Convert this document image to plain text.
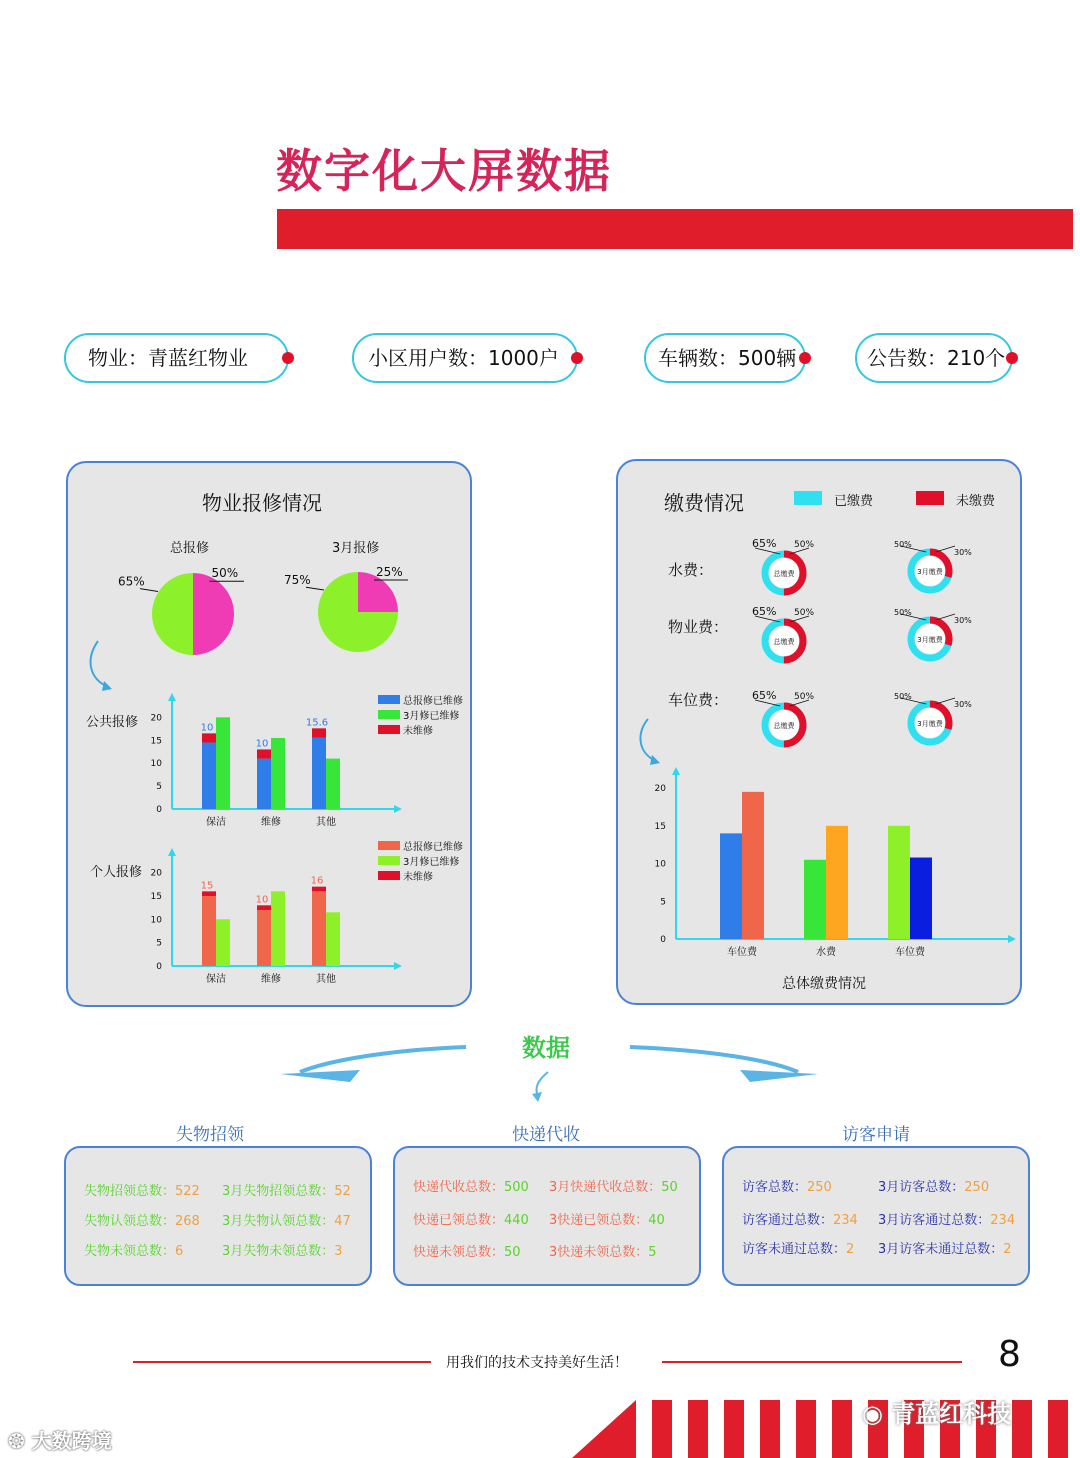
数字化大屏数据
物业：青蓝红物业	小区用户数：1000户	车辆数：500辆	公告数：210个
物业报修情况
总报修	3月报修
公共报修
个人报修
65%
50%	75%
25%
0
5
10
15
20
10
保洁
10
维修
15.6
其他
总报修已维修
3月修已维修
未维修
0
5
10
15
20
15
保洁
10
维修
16
其他
总报修已维修
3月修已维修
未维修
缴费情况	已缴费	未缴费
水费：
物业费：
车位费：
总缴费
65% 50%
3月缴费
50%
30%
总缴费
65% 50%
3月缴费
50%
30%
总缴费
65% 50%
3月缴费
50%
30%
0
5
10
15
20
车位费	水费	车位费
总体缴费情况
数据
失物招领
失物招领总数：522 3月失物招领总数：52
失物认领总数：268 3月失物认领总数：47
失物未领总数：6	3月失物未领总数：3
快递代收
快递代收总数：500 3月快递代收总数：50
快递已领总数：440 3快递已领总数：40
快递未领总数：50 3快递未领总数：5
访客申请
访客总数：250	3月访客总数：250
访客通过总数：234 3月访客通过总数：234
访客未通过总数：2 3月访客未通过总数：2
用我们的技术支持美好生活！	8
◉ 青蓝红科技
❂ 大数跨境
